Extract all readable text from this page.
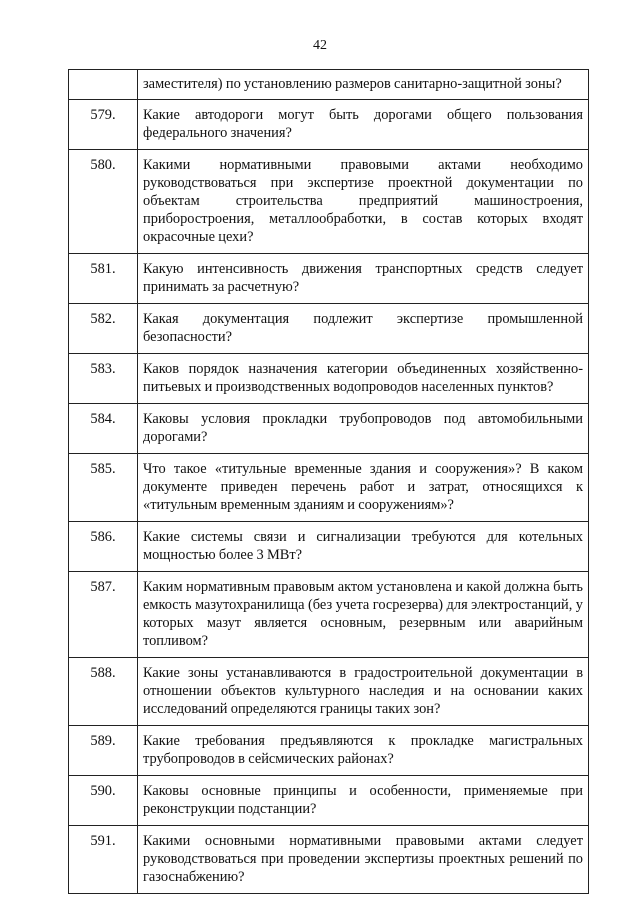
42
	заместителя) по установлению размеров санитарно-защитной зоны?
579.	Какие автодороги могут быть дорогами общего пользования федерального значения?
580.	Какими нормативными правовыми актами необходимо руководствоваться при экспертизе проектной документации по объектам строительства предприятий машиностроения, приборостроения, металлообработки, в состав которых входят окрасочные цехи?
581.	Какую интенсивность движения транспортных средств следует принимать за расчетную?
582.	Какая документация подлежит экспертизе промышленной безопасности?
583.	Каков порядок назначения категории объединенных хозяйственно-питьевых и производственных водопроводов населенных пунктов?
584.	Каковы условия прокладки трубопроводов под автомобильными дорогами?
585.	Что такое «титульные временные здания и сооружения»? В каком документе приведен перечень работ и затрат, относящихся к «титульным временным зданиям и сооружениям»?
586.	Какие системы связи и сигнализации требуются для котельных мощностью более 3 МВт?
587.	Каким нормативным правовым актом установлена и какой должна быть емкость мазутохранилища (без учета госрезерва) для электростанций, у которых мазут является основным, резервным или аварийным топливом?
588.	Какие зоны устанавливаются в градостроительной документации в отношении объектов культурного наследия и на основании каких исследований определяются границы таких зон?
589.	Какие требования предъявляются к прокладке магистральных трубопроводов в сейсмических районах?
590.	Каковы основные принципы и особенности, применяемые при реконструкции подстанции?
591.	Какими основными нормативными правовыми актами следует руководствоваться при проведении экспертизы проектных решений по газоснабжению?
